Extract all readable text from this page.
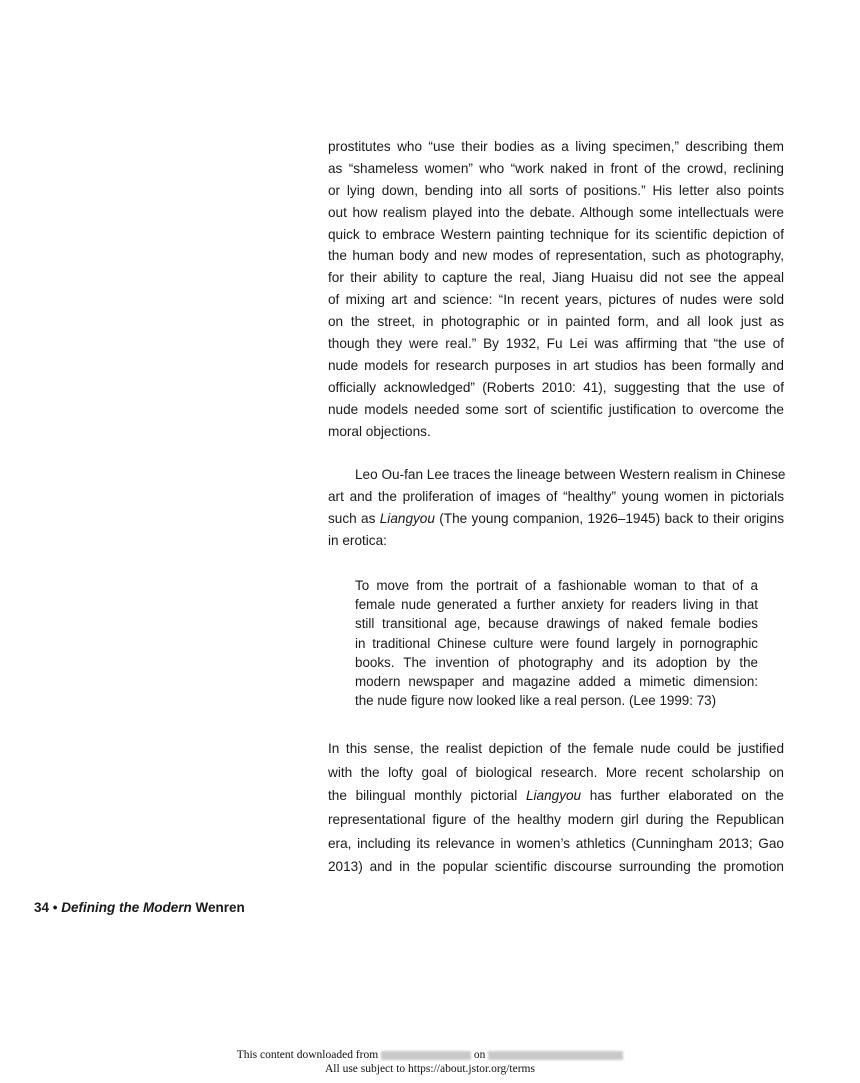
prostitutes who “use their bodies as a living specimen,” describing them
as “shameless women” who “work naked in front of the crowd, reclining
or lying down, bending into all sorts of positions.” His letter also points
out how realism played into the debate. Although some intellectuals were
quick to embrace Western painting technique for its scientific depiction of
the human body and new modes of representation, such as photography,
for their ability to capture the real, Jiang Huaisu did not see the appeal
of mixing art and science: “In recent years, pictures of nudes were sold
on the street, in photographic or in painted form, and all look just as
though they were real.” By 1932, Fu Lei was affirming that “the use of
nude models for research purposes in art studios has been formally and
officially acknowledged” (Roberts 2010: 41), suggesting that the use of
nude models needed some sort of scientific justification to overcome the
moral objections.
Leo Ou-fan Lee traces the lineage between Western realism in Chinese
art and the proliferation of images of “healthy” young women in pictorials
such as Liangyou (The young companion, 1926–1945) back to their origins
in erotica:
To move from the portrait of a fashionable woman to that of a
female nude generated a further anxiety for readers living in that
still transitional age, because drawings of naked female bodies
in traditional Chinese culture were found largely in pornographic
books. The invention of photography and its adoption by the
modern newspaper and magazine added a mimetic dimension:
the nude figure now looked like a real person. (Lee 1999: 73)
In this sense, the realist depiction of the female nude could be justified
with the lofty goal of biological research. More recent scholarship on
the bilingual monthly pictorial Liangyou has further elaborated on the
representational figure of the healthy modern girl during the Republican
era, including its relevance in women’s athletics (Cunningham 2013; Gao
2013) and in the popular scientific discourse surrounding the promotion
34 • Defining the Modern Wenren
This content downloaded from	on
All use subject to https://about.jstor.org/terms
